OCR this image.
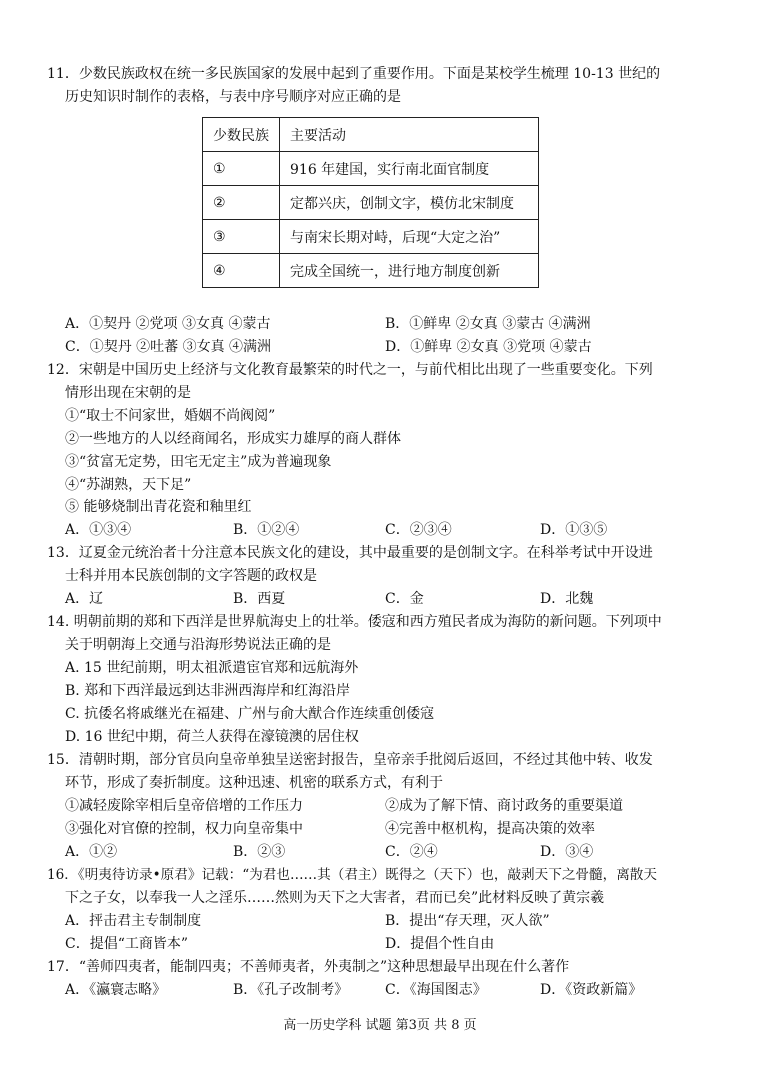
11．少数民族政权在统一多民族国家的发展中起到了重要作用。下面是某校学生梳理 10-13 世纪的
历史知识时制作的表格，与表中序号顺序对应正确的是
少数民族	主要活动
①	916 年建国，实行南北面官制度
②	定都兴庆，创制文字，模仿北宋制度
③	与南宋长期对峙，后现“大定之治”
④	完成全国统一，进行地方制度创新
A．①契丹 ②党项 ③女真 ④蒙古	B．①鲜卑 ②女真 ③蒙古 ④满洲
C．①契丹 ②吐蕃 ③女真 ④满洲	D．①鲜卑 ②女真 ③党项 ④蒙古
12．宋朝是中国历史上经济与文化教育最繁荣的时代之一，与前代相比出现了一些重要变化。下列
情形出现在宋朝的是
①“取士不问家世，婚姻不尚阀阅”
②一些地方的人以经商闻名，形成实力雄厚的商人群体
③“贫富无定势，田宅无定主”成为普遍现象
④“苏湖熟，天下足”
⑤ 能够烧制出青花瓷和釉里红
A．①③④	B．①②④	C．②③④	D．①③⑤
13．辽夏金元统治者十分注意本民族文化的建设，其中最重要的是创制文字。在科举考试中开设进
士科并用本民族创制的文字答题的政权是
A．辽	B．西夏	C．金	D．北魏
14. 明朝前期的郑和下西洋是世界航海史上的壮举。倭寇和西方殖民者成为海防的新问题。下列项中
关于明朝海上交通与沿海形势说法正确的是
A. 15 世纪前期，明太祖派遣宦官郑和远航海外
B. 郑和下西洋最远到达非洲西海岸和红海沿岸
C. 抗倭名将戚继光在福建、广州与俞大猷合作连续重创倭寇
D. 16 世纪中期，荷兰人获得在濠镜澳的居住权
15．清朝时期，部分官员向皇帝单独呈送密封报告，皇帝亲手批阅后返回，不经过其他中转、收发
环节，形成了奏折制度。这种迅速、机密的联系方式，有利于
①减轻废除宰相后皇帝倍增的工作压力	②成为了解下情、商讨政务的重要渠道
③强化对官僚的控制，权力向皇帝集中	④完善中枢机构，提高决策的效率
A．①②	B．②③	C．②④	D．③④
16．《明夷待访录•原君》记载：“为君也……其（君主）既得之（天下）也，敲剥天下之骨髓，离散天
下之子女，以奉我一人之淫乐……然则为天下之大害者，君而已矣”此材料反映了黄宗羲
A．抨击君主专制制度	B．提出“存天理，灭人欲”
C．提倡“工商皆本”	D．提倡个性自由
17．“善师四夷者，能制四夷；不善师夷者，外夷制之”这种思想最早出现在什么著作
A．《瀛寰志略》	B．《孔子改制考》	C．《海国图志》	D．《资政新篇》
高一历史学科 试题 第3页 共 8 页
